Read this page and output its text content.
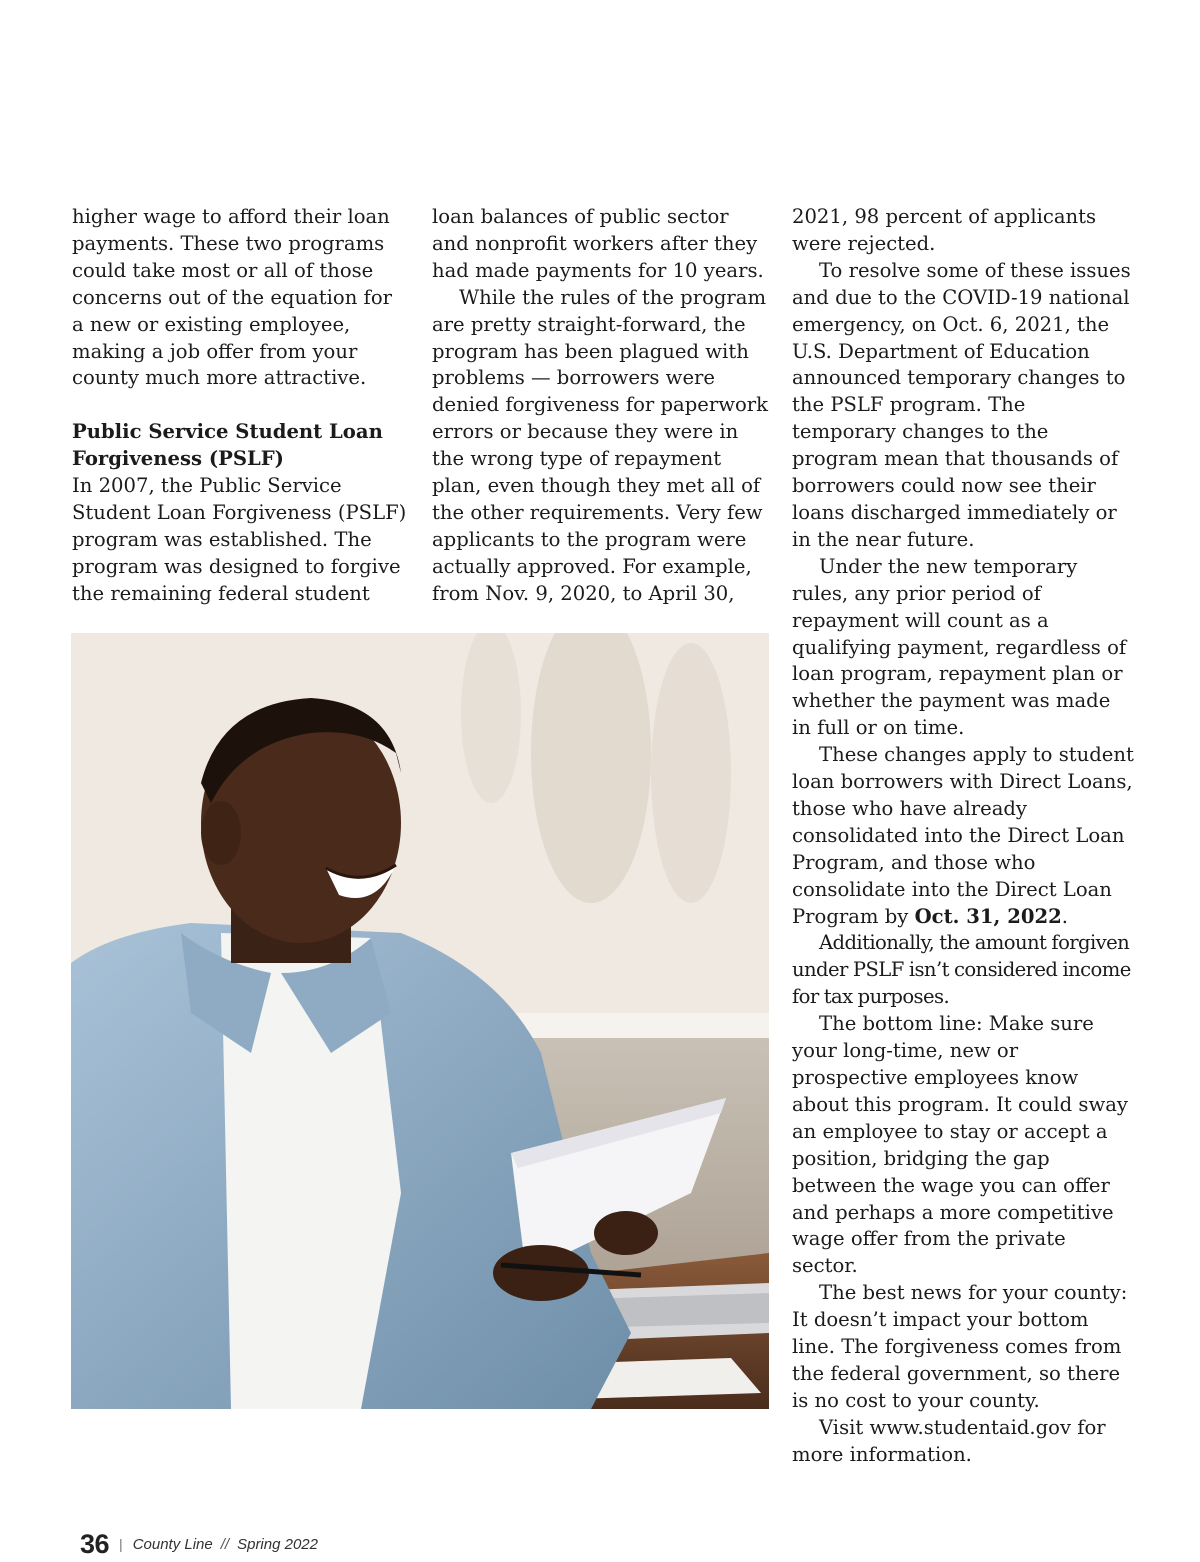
higher wage to afford their loan payments. These two programs could take most or all of those concerns out of the equation for a new or existing employee, making a job offer from your county much more attractive.

Public Service Student Loan Forgiveness (PSLF)

In 2007, the Public Service Student Loan Forgiveness (PSLF) program was established. The program was designed to forgive the remaining federal student

loan balances of public sector and nonprofit workers after they had made payments for 10 years.

While the rules of the program are pretty straight-forward, the program has been plagued with problems — borrowers were denied forgiveness for paperwork errors or because they were in the wrong type of repayment plan, even though they met all of the other requirements. Very few applicants to the program were actually approved. For example, from Nov. 9, 2020, to April 30,

2021, 98 percent of applicants were rejected.

To resolve some of these issues and due to the COVID-19 national emergency, on Oct. 6, 2021, the U.S. Department of Education announced temporary changes to the PSLF program. The temporary changes to the program mean that thousands of borrowers could now see their loans discharged immediately or in the near future.

Under the new temporary rules, any prior period of repayment will count as a qualifying payment, regardless of loan program, repayment plan or whether the payment was made in full or on time.

These changes apply to student loan borrowers with Direct Loans, those who have already consolidated into the Direct Loan Program, and those who consolidate into the Direct Loan Program by Oct. 31, 2022.

Additionally, the amount forgiven under PSLF isn’t considered income for tax purposes.

The bottom line: Make sure your long-time, new or prospective employees know about this program. It could sway an employee to stay or accept a position, bridging the gap between the wage you can offer and perhaps a more competitive wage offer from the private sector.

The best news for your county: It doesn’t impact your bottom line. The forgiveness comes from the federal government, so there is no cost to your county.

Visit www.studentaid.gov for more information.

36 | County Line // Spring 2022
